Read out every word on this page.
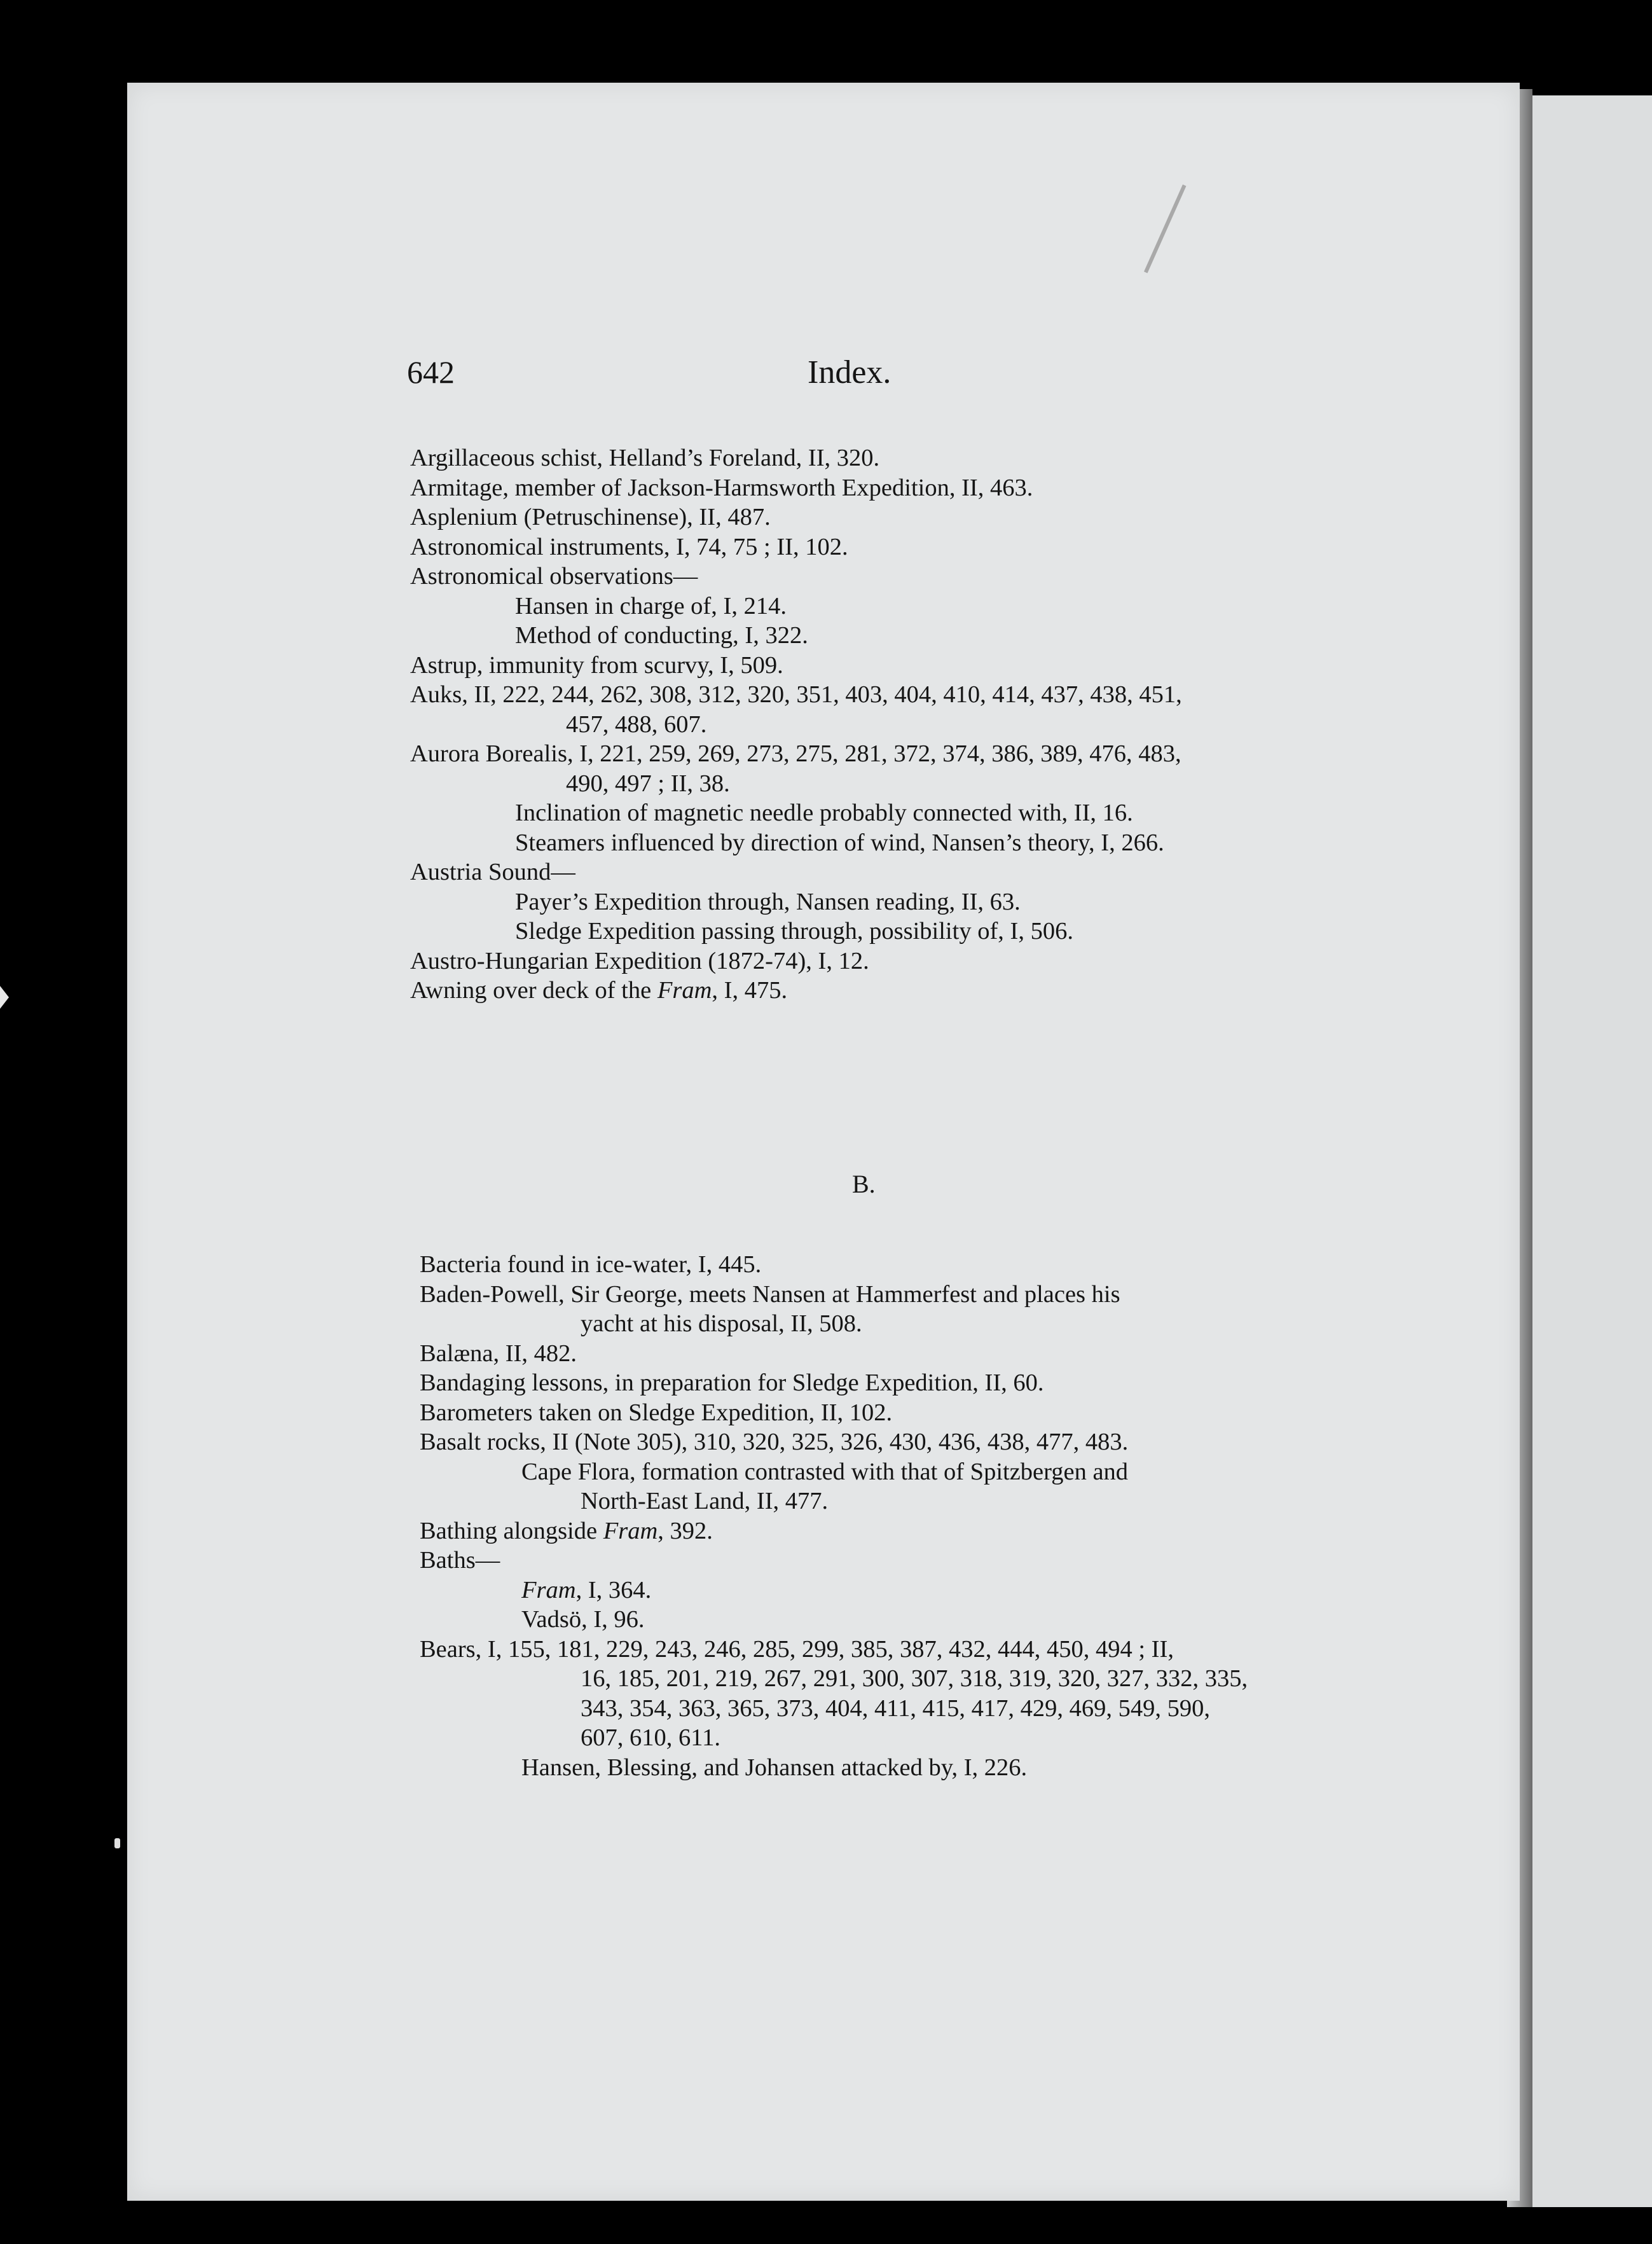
642	Index.
Argillaceous schist, Helland’s Foreland, II, 320.
Armitage, member of Jackson-Harmsworth Expedition, II, 463.
Asplenium (Petruschinense), II, 487.
Astronomical instruments, I, 74, 75 ; II, 102.
Astronomical observations—
Hansen in charge of, I, 214.
Method of conducting, I, 322.
Astrup, immunity from scurvy, I, 509.
Auks, II, 222, 244, 262, 308, 312, 320, 351, 403, 404, 410, 414, 437, 438, 451,
457, 488, 607.
Aurora Borealis, I, 221, 259, 269, 273, 275, 281, 372, 374, 386, 389, 476, 483,
490, 497 ; II, 38.
Inclination of magnetic needle probably connected with, II, 16.
Steamers influenced by direction of wind, Nansen’s theory, I, 266.
Austria Sound—
Payer’s Expedition through, Nansen reading, II, 63.
Sledge Expedition passing through, possibility of, I, 506.
Austro-Hungarian Expedition (1872-74), I, 12.
Awning over deck of the Fram, I, 475.
B.
Bacteria found in ice-water, I, 445.
Baden-Powell, Sir George, meets Nansen at Hammerfest and places his
yacht at his disposal, II, 508.
Balæna, II, 482.
Bandaging lessons, in preparation for Sledge Expedition, II, 60.
Barometers taken on Sledge Expedition, II, 102.
Basalt rocks, II (Note 305), 310, 320, 325, 326, 430, 436, 438, 477, 483.
Cape Flora, formation contrasted with that of Spitzbergen and
North-East Land, II, 477.
Bathing alongside Fram, 392.
Baths—
Fram, I, 364.
Vadsö, I, 96.
Bears, I, 155, 181, 229, 243, 246, 285, 299, 385, 387, 432, 444, 450, 494 ; II,
16, 185, 201, 219, 267, 291, 300, 307, 318, 319, 320, 327, 332, 335,
343, 354, 363, 365, 373, 404, 411, 415, 417, 429, 469, 549, 590,
607, 610, 611.
Hansen, Blessing, and Johansen attacked by, I, 226.
